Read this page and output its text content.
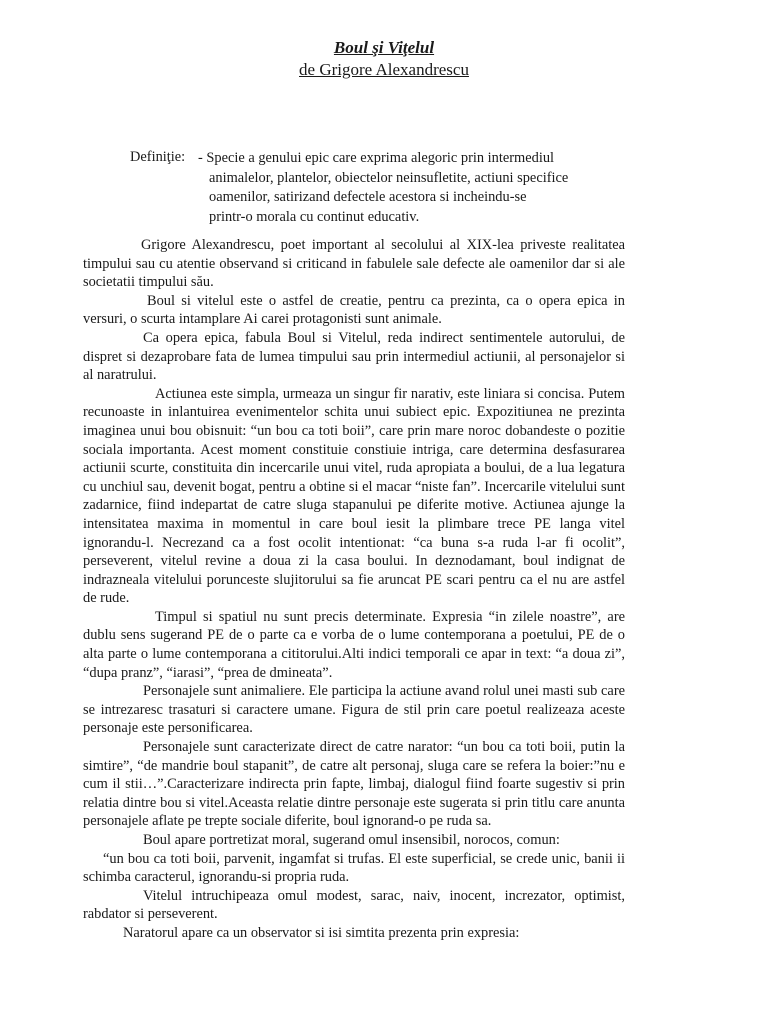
Boul şi Viţelul
de Grigore Alexandrescu
Definiţie: - Specie a genului epic care exprima alegoric prin intermediul
animalelor, plantelor, obiectelor neinsufletite, actiuni specifice
oamenilor, satirizand defectele acestora si incheindu-se
printr-o morala cu continut educativ.

Grigore Alexandrescu, poet important al secolului al XIX-lea priveste realitatea timpului sau cu atentie observand si criticand in fabulele sale defecte ale oamenilor dar si ale societatii timpului său.

Boul si vitelul este o astfel de creatie, pentru ca prezinta, ca o opera epica in versuri, o scurta intamplare Ai carei protagonisti sunt animale.

Ca opera epica, fabula Boul si Vitelul, reda indirect sentimentele autorului, de dispret si dezaprobare fata de lumea timpului sau prin intermediul actiunii, al personajelor si al naratrului.

Actiunea este simpla, urmeaza un singur fir narativ, este liniara si concisa. Putem recunoaste in inlantuirea evenimentelor schita unui subiect epic. Expozitiunea ne prezinta imaginea unui bou obisnuit: “un bou ca toti boii”, care prin mare noroc dobandeste o pozitie sociala importanta. Acest moment constituie constiuie intriga, care determina desfasurarea actiunii scurte, constituita din incercarile unui vitel, ruda apropiata a boului, de a lua legatura cu unchiul sau, devenit bogat, pentru a obtine si el macar “niste fan”. Incercarile vitelului sunt zadarnice, fiind indepartat de catre sluga stapanului pe diferite motive. Actiunea ajunge la intensitatea maxima in momentul in care boul iesit la plimbare trece PE langa vitel ignorandu-l. Necrezand ca a fost ocolit intentionat: “ca buna s-a ruda l-ar fi ocolit”, perseverent, vitelul revine a doua zi la casa boului. In deznodamant, boul indignat de indrazneala vitelului porunceste slujitorului sa fie aruncat PE scari pentru ca el nu are astfel de rude.

Timpul si spatiul nu sunt precis determinate. Expresia “in zilele noastre”, are dublu sens sugerand PE de o parte ca e vorba de o lume contemporana a poetului, PE de o alta parte o lume contemporana a cititorului.Alti indici temporali ce apar in text: “a doua zi”, “dupa pranz”, “iarasi”, “prea de dmineata”.

Personajele sunt animaliere. Ele participa la actiune avand rolul unei masti sub care se intrezaresc trasaturi si caractere umane. Figura de stil prin care poetul realizeaza aceste personaje este personificarea.

Personajele sunt caracterizate direct de catre narator: “un bou ca toti boii, putin la simtire”, “de mandrie boul stapanit”, de catre alt personaj, sluga care se refera la boier:”nu e cum il stii…”.Caracterizare indirecta prin fapte, limbaj, dialogul fiind foarte sugestiv si prin relatia dintre bou si vitel.Aceasta relatie dintre personaje este sugerata si prin titlu care anunta personajele aflate pe trepte sociale diferite, boul ignorand-o pe ruda sa.

Boul apare portretizat moral, sugerand omul insensibil, norocos, comun:

“un bou ca toti boii, parvenit, ingamfat si trufas. El este superficial, se crede unic, banii ii schimba caracterul, ignorandu-si propria ruda.

Vitelul intruchipeaza omul modest, sarac, naiv, inocent, increzator, optimist, rabdator si perseverent.

Naratorul apare ca un observator si isi simtita prezenta prin expresia:
